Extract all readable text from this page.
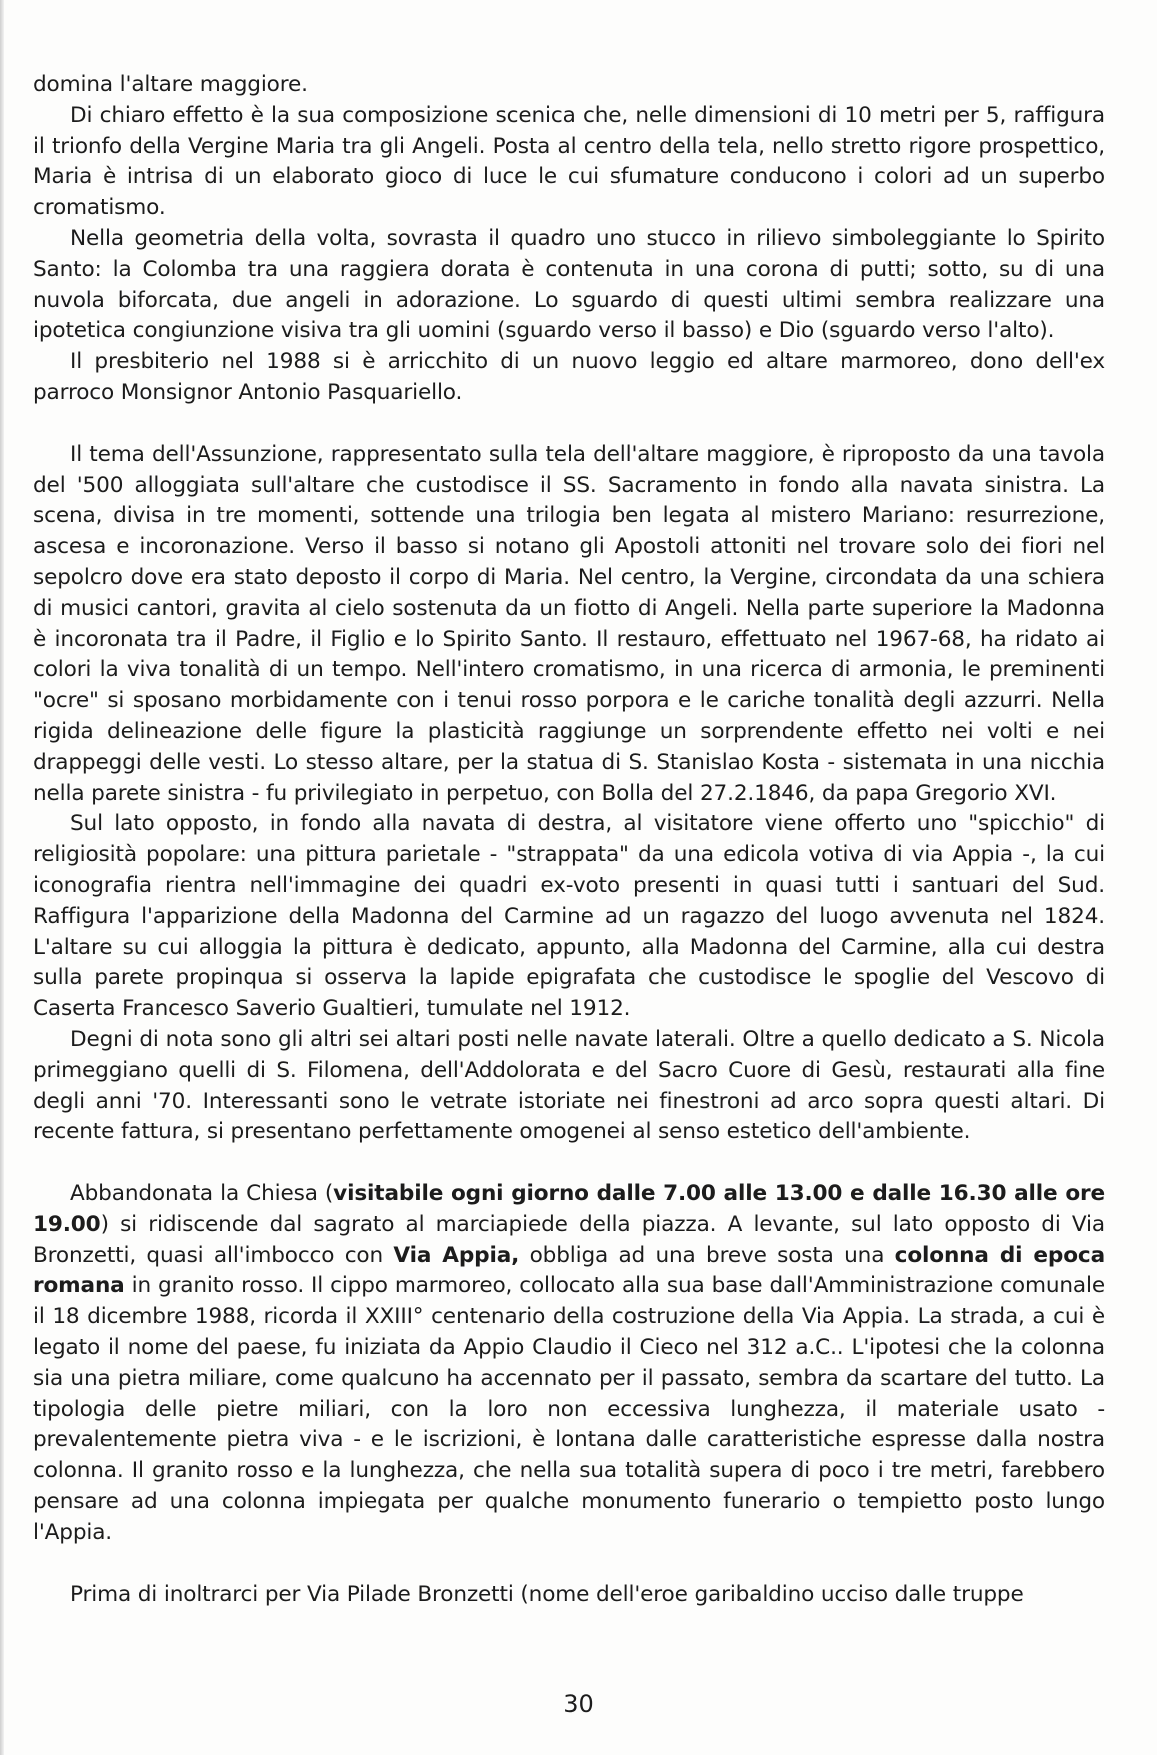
domina l'altare maggiore.

Di chiaro effetto è la sua composizione scenica che, nelle dimensioni di 10 metri per 5, raffigura il trionfo della Vergine Maria tra gli Angeli. Posta al centro della tela, nello stretto rigore prospettico, Maria è intrisa di un elaborato gioco di luce le cui sfumature conducono i colori ad un superbo cromatismo.

Nella geometria della volta, sovrasta il quadro uno stucco in rilievo simboleggiante lo Spirito Santo: la Colomba tra una raggiera dorata è contenuta in una corona di putti; sotto, su di una nuvola biforcata, due angeli in adorazione. Lo sguardo di questi ultimi sembra realizzare una ipotetica congiunzione visiva tra gli uomini (sguardo verso il basso) e Dio (sguardo verso l'alto).

Il presbiterio nel 1988 si è arricchito di un nuovo leggio ed altare marmoreo, dono dell'ex parroco Monsignor Antonio Pasquariello.

Il tema dell'Assunzione, rappresentato sulla tela dell'altare maggiore, è riproposto da una tavola del '500 alloggiata sull'altare che custodisce il SS. Sacramento in fondo alla navata sinistra. La scena, divisa in tre momenti, sottende una trilogia ben legata al mistero Mariano: resurrezione, ascesa e incoronazione. Verso il basso si notano gli Apostoli attoniti nel trovare solo dei fiori nel sepolcro dove era stato deposto il corpo di Maria. Nel centro, la Vergine, circondata da una schiera di musici cantori, gravita al cielo sostenuta da un fiotto di Angeli. Nella parte superiore la Madonna è incoronata tra il Padre, il Figlio e lo Spirito Santo. Il restauro, effettuato nel 1967-68, ha ridato ai colori la viva tonalità di un tempo. Nell'intero cromatismo, in una ricerca di armonia, le preminenti "ocre" si sposano morbidamente con i tenui rosso porpora e le cariche tonalità degli azzurri. Nella rigida delineazione delle figure la plasticità raggiunge un sorprendente effetto nei volti e nei drappeggi delle vesti. Lo stesso altare, per la statua di S. Stanislao Kosta - sistemata in una nicchia nella parete sinistra - fu privilegiato in perpetuo, con Bolla del 27.2.1846, da papa Gregorio XVI.

Sul lato opposto, in fondo alla navata di destra, al visitatore viene offerto uno "spicchio" di religiosità popolare: una pittura parietale - "strappata" da una edicola votiva di via Appia -, la cui iconografia rientra nell'immagine dei quadri ex-voto presenti in quasi tutti i santuari del Sud. Raffigura l'apparizione della Madonna del Carmine ad un ragazzo del luogo avvenuta nel 1824. L'altare su cui alloggia la pittura è dedicato, appunto, alla Madonna del Carmine, alla cui destra sulla parete propinqua si osserva la lapide epigrafata che custodisce le spoglie del Vescovo di Caserta Francesco Saverio Gualtieri, tumulate nel 1912.

Degni di nota sono gli altri sei altari posti nelle navate laterali. Oltre a quello dedicato a S. Nicola primeggiano quelli di S. Filomena, dell'Addolorata e del Sacro Cuore di Gesù, restaurati alla fine degli anni '70. Interessanti sono le vetrate istoriate nei finestroni ad arco sopra questi altari. Di recente fattura, si presentano perfettamente omogenei al senso estetico dell'ambiente.

Abbandonata la Chiesa (visitabile ogni giorno dalle 7.00 alle 13.00 e dalle 16.30 alle ore 19.00) si ridiscende dal sagrato al marciapiede della piazza. A levante, sul lato opposto di Via Bronzetti, quasi all'imbocco con Via Appia, obbliga ad una breve sosta una colonna di epoca romana in granito rosso. Il cippo marmoreo, collocato alla sua base dall'Amministrazione comunale il 18 dicembre 1988, ricorda il XXIII° centenario della costruzione della Via Appia. La strada, a cui è legato il nome del paese, fu iniziata da Appio Claudio il Cieco nel 312 a.C.. L'ipotesi che la colonna sia una pietra miliare, come qualcuno ha accennato per il passato, sembra da scartare del tutto. La tipologia delle pietre miliari, con la loro non eccessiva lunghezza, il materiale usato - prevalentemente pietra viva - e le iscrizioni, è lontana dalle caratteristiche espresse dalla nostra colonna. Il granito rosso e la lunghezza, che nella sua totalità supera di poco i tre metri, farebbero pensare ad una colonna impiegata per qualche monumento funerario o tempietto posto lungo l'Appia.

Prima di inoltrarci per Via Pilade Bronzetti (nome dell'eroe garibaldino ucciso dalle truppe

30
